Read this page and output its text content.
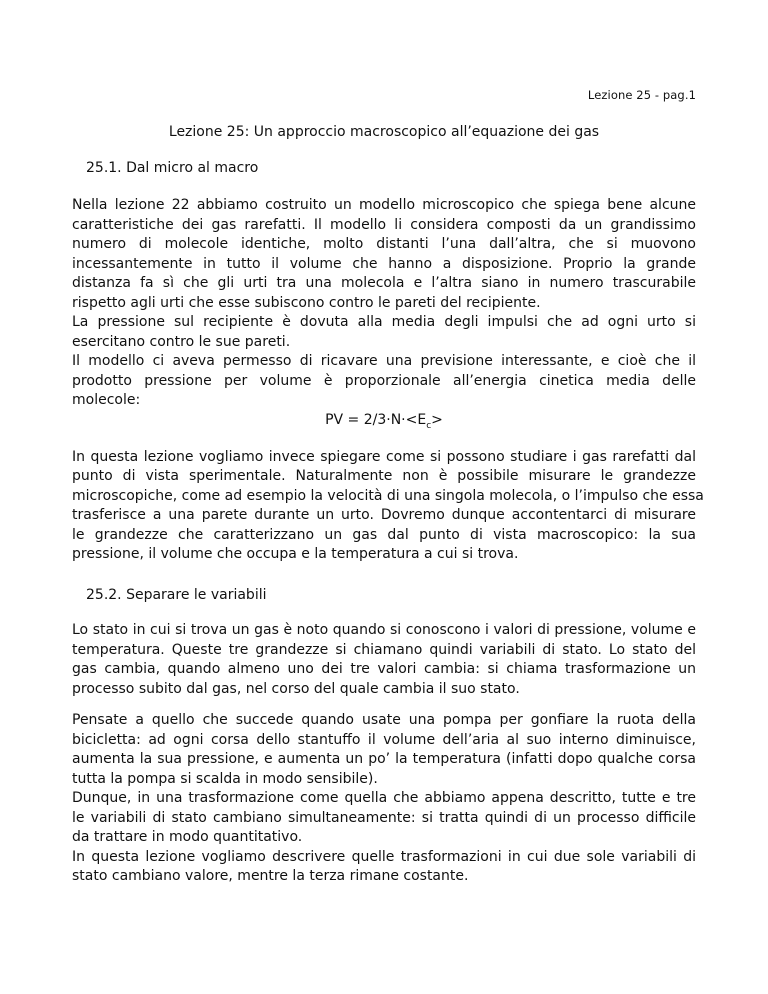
Lezione 25 - pag.1
Lezione 25: Un approccio macroscopico all’equazione dei gas
25.1. Dal micro al macro

Nella lezione 22 abbiamo costruito un modello microscopico che spiega bene alcune
caratteristiche dei gas rarefatti. Il modello li considera composti da un grandissimo
numero di molecole identiche, molto distanti l’una dall’altra, che si muovono
incessantemente in tutto il volume che hanno a disposizione. Proprio la grande
distanza fa sì che gli urti tra una molecola e l’altra siano in numero trascurabile
rispetto agli urti che esse subiscono contro le pareti del recipiente.

La pressione sul recipiente è dovuta alla media degli impulsi che ad ogni urto si
esercitano contro le sue pareti.

Il modello ci aveva permesso di ricavare una previsione interessante, e cioè che il
prodotto pressione per volume è proporzionale all’energia cinetica media delle
molecole:

PV = $2/3\cdot N\cdot<E_c>$

In questa lezione vogliamo invece spiegare come si possono studiare i gas rarefatti dal
punto di vista sperimentale. Naturalmente non è possibile misurare le grandezze
microscopiche, come ad esempio la velocità di una singola molecola, o l’impulso che essa
trasferisce a una parete durante un urto. Dovremo dunque accontentarci di misurare
le grandezze che caratterizzano un gas dal punto di vista macroscopico: la sua
pressione, il volume che occupa e la temperatura a cui si trova.

25.2. Separare le variabili

Lo stato in cui si trova un gas è noto quando si conoscono i valori di pressione, volume e
temperatura. Queste tre grandezze si chiamano quindi variabili di stato. Lo stato del
gas cambia, quando almeno uno dei tre valori cambia: si chiama trasformazione un
processo subito dal gas, nel corso del quale cambia il suo stato.

Pensate a quello che succede quando usate una pompa per gonfiare la ruota della
bicicletta: ad ogni corsa dello stantuffo il volume dell’aria al suo interno diminuisce,
aumenta la sua pressione, e aumenta un po’ la temperatura (infatti dopo qualche corsa
tutta la pompa si scalda in modo sensibile).

Dunque, in una trasformazione come quella che abbiamo appena descritto, tutte e tre
le variabili di stato cambiano simultaneamente: si tratta quindi di un processo difficile
da trattare in modo quantitativo.

In questa lezione vogliamo descrivere quelle trasformazioni in cui due sole variabili di
stato cambiano valore, mentre la terza rimane costante.
